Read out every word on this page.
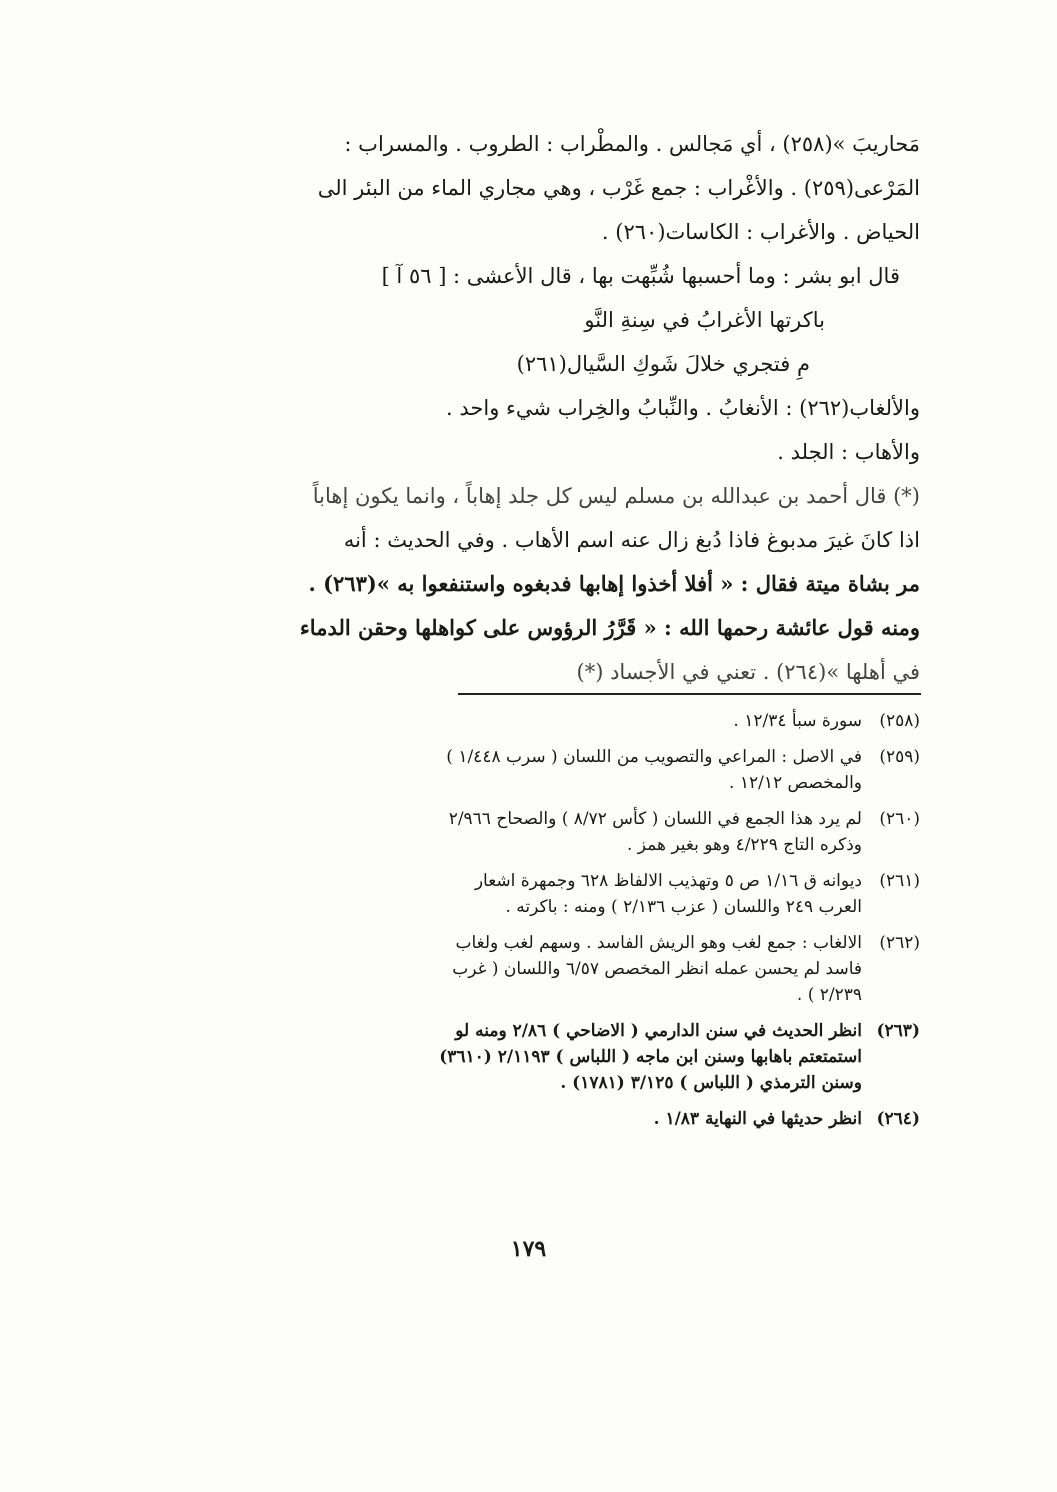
مَحاريبَ »(٢٥٨) ، أي مَجالس . والمطْراب : الطروب . والمسراب :
المَرْعى(٢٥٩) . والأغْراب : جمع غَرْب ، وهي مجاري الماء من البئر الى
الحياض . والأغراب : الكاسات(٢٦٠) .
قال ابو بشر : وما أحسبها شُبِّهت بها ، قال الأعشى : [ ٥٦ آ ]
باكرتها الأغرابُ في سِنةِ النَّو
مِ فتجري خلالَ شَوكِ السَّيال(٢٦١)
والألغاب(٢٦٢) : الأنغابُ . والنِّبابُ والخِراب شيء واحد .
والأهاب : الجلد .
(*) قال أحمد بن عبدالله بن مسلم ليس كل جلد إهاباً ، وانما يكون إهاباً
اذا كانَ غيرَ مدبوغ فاذا دُبغ زال عنه اسم الأهاب . وفي الحديث : أنه
مر بشاة ميتة فقال : « أفلا أخذوا إهابها فدبغوه واستنفعوا به »(٢٦٣) .
ومنه قول عائشة رحمها الله : « قَرَّرُ الرؤوس على كواهلها وحقن الدماء
في أهلها »(٢٦٤) . تعني في الأجساد (*)
(٢٥٨)
سورة سبأ ١٢/٣٤ .
(٢٥٩)
في الاصل : المراعي والتصويب من اللسان ( سرب ١/٤٤٨ )
والمخصص ١٢/١٢ .
(٢٦٠)
لم يرد هذا الجمع في اللسان ( كأس ٨/٧٢ ) والصحاح ٢/٩٦٦
وذكره التاج ٤/٢٢٩ وهو بغير همز .
(٢٦١)
ديوانه ق ١/١٦ ص ٥ وتهذيب الالفاظ ٦٢٨ وجمهرة اشعار
العرب ٢٤٩ واللسان ( عزب ٢/١٣٦ ) ومنه : باكرته .
(٢٦٢)
الالغاب : جمع لغب وهو الريش الفاسد . وسهم لغب ولغاب
فاسد لم يحسن عمله انظر المخصص ٦/٥٧ واللسان ( غرب
٢/٢٣٩ ) .
(٢٦٣)
انظر الحديث في سنن الدارمي ( الاضاحي ) ٢/٨٦ ومنه لو
استمتعتم باهابها وسنن ابن ماجه ( اللباس ) ٢/١١٩٣ (٣٦١٠)
وسنن الترمذي ( اللباس ) ٣/١٢٥ (١٧٨١) .
(٢٦٤)
انظر حديثها في النهاية ١/٨٣ .
١٧٩
